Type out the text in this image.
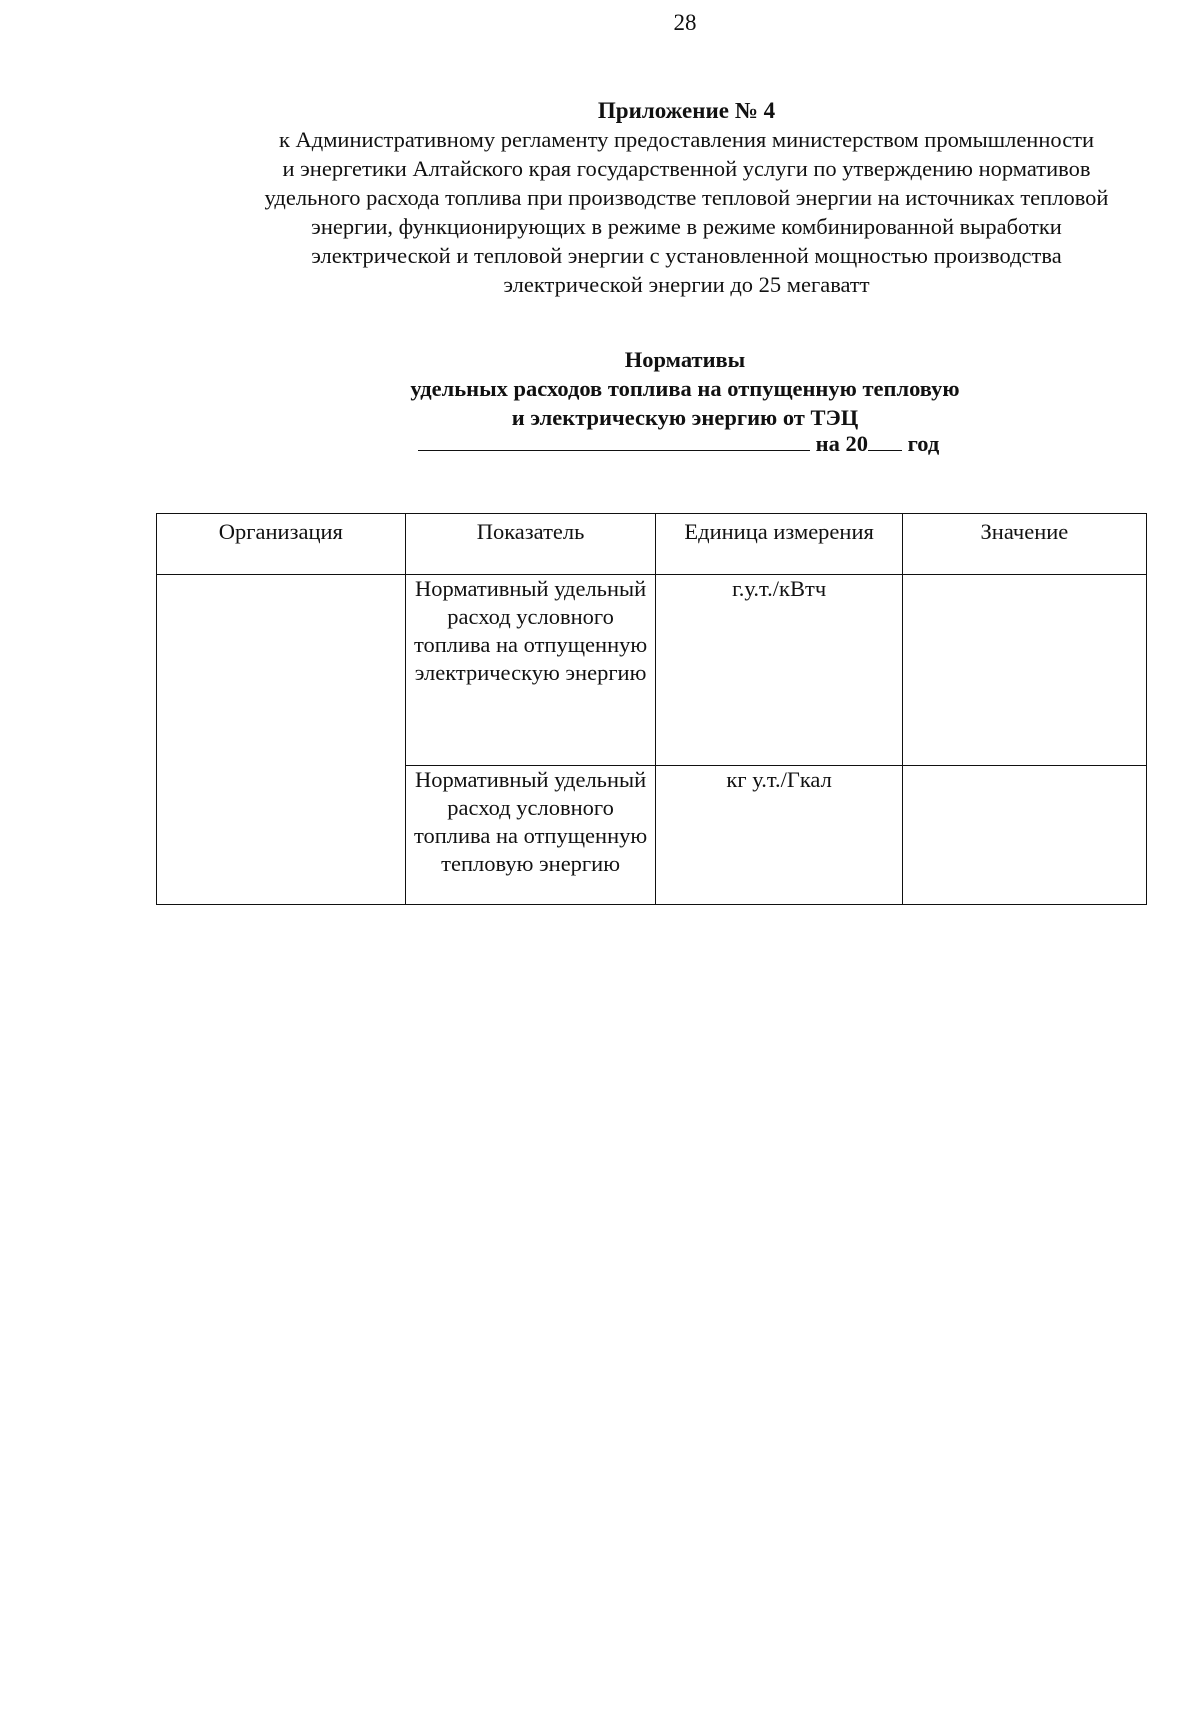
28
Приложение № 4
к Административному регламенту предоставления министерством промышленности
и энергетики Алтайского края государственной услуги по утверждению нормативов
удельного расхода топлива при производстве тепловой энергии на источниках тепловой
энергии, функционирующих в режиме в режиме комбинированной выработки
электрической и тепловой энергии с установленной мощностью производства
электрической энергии до 25 мегаватт
Нормативы
удельных расходов топлива на отпущенную тепловую
и электрическую энергию от ТЭЦ
на 20 год
Организация	Показатель	Единица измерения	Значение
	Нормативный удельный расход условного топлива на отпущенную электрическую энергию	г.у.т./кВтч	
	Нормативный удельный расход условного топлива на отпущенную тепловую энергию	кг у.т./Гкал	
